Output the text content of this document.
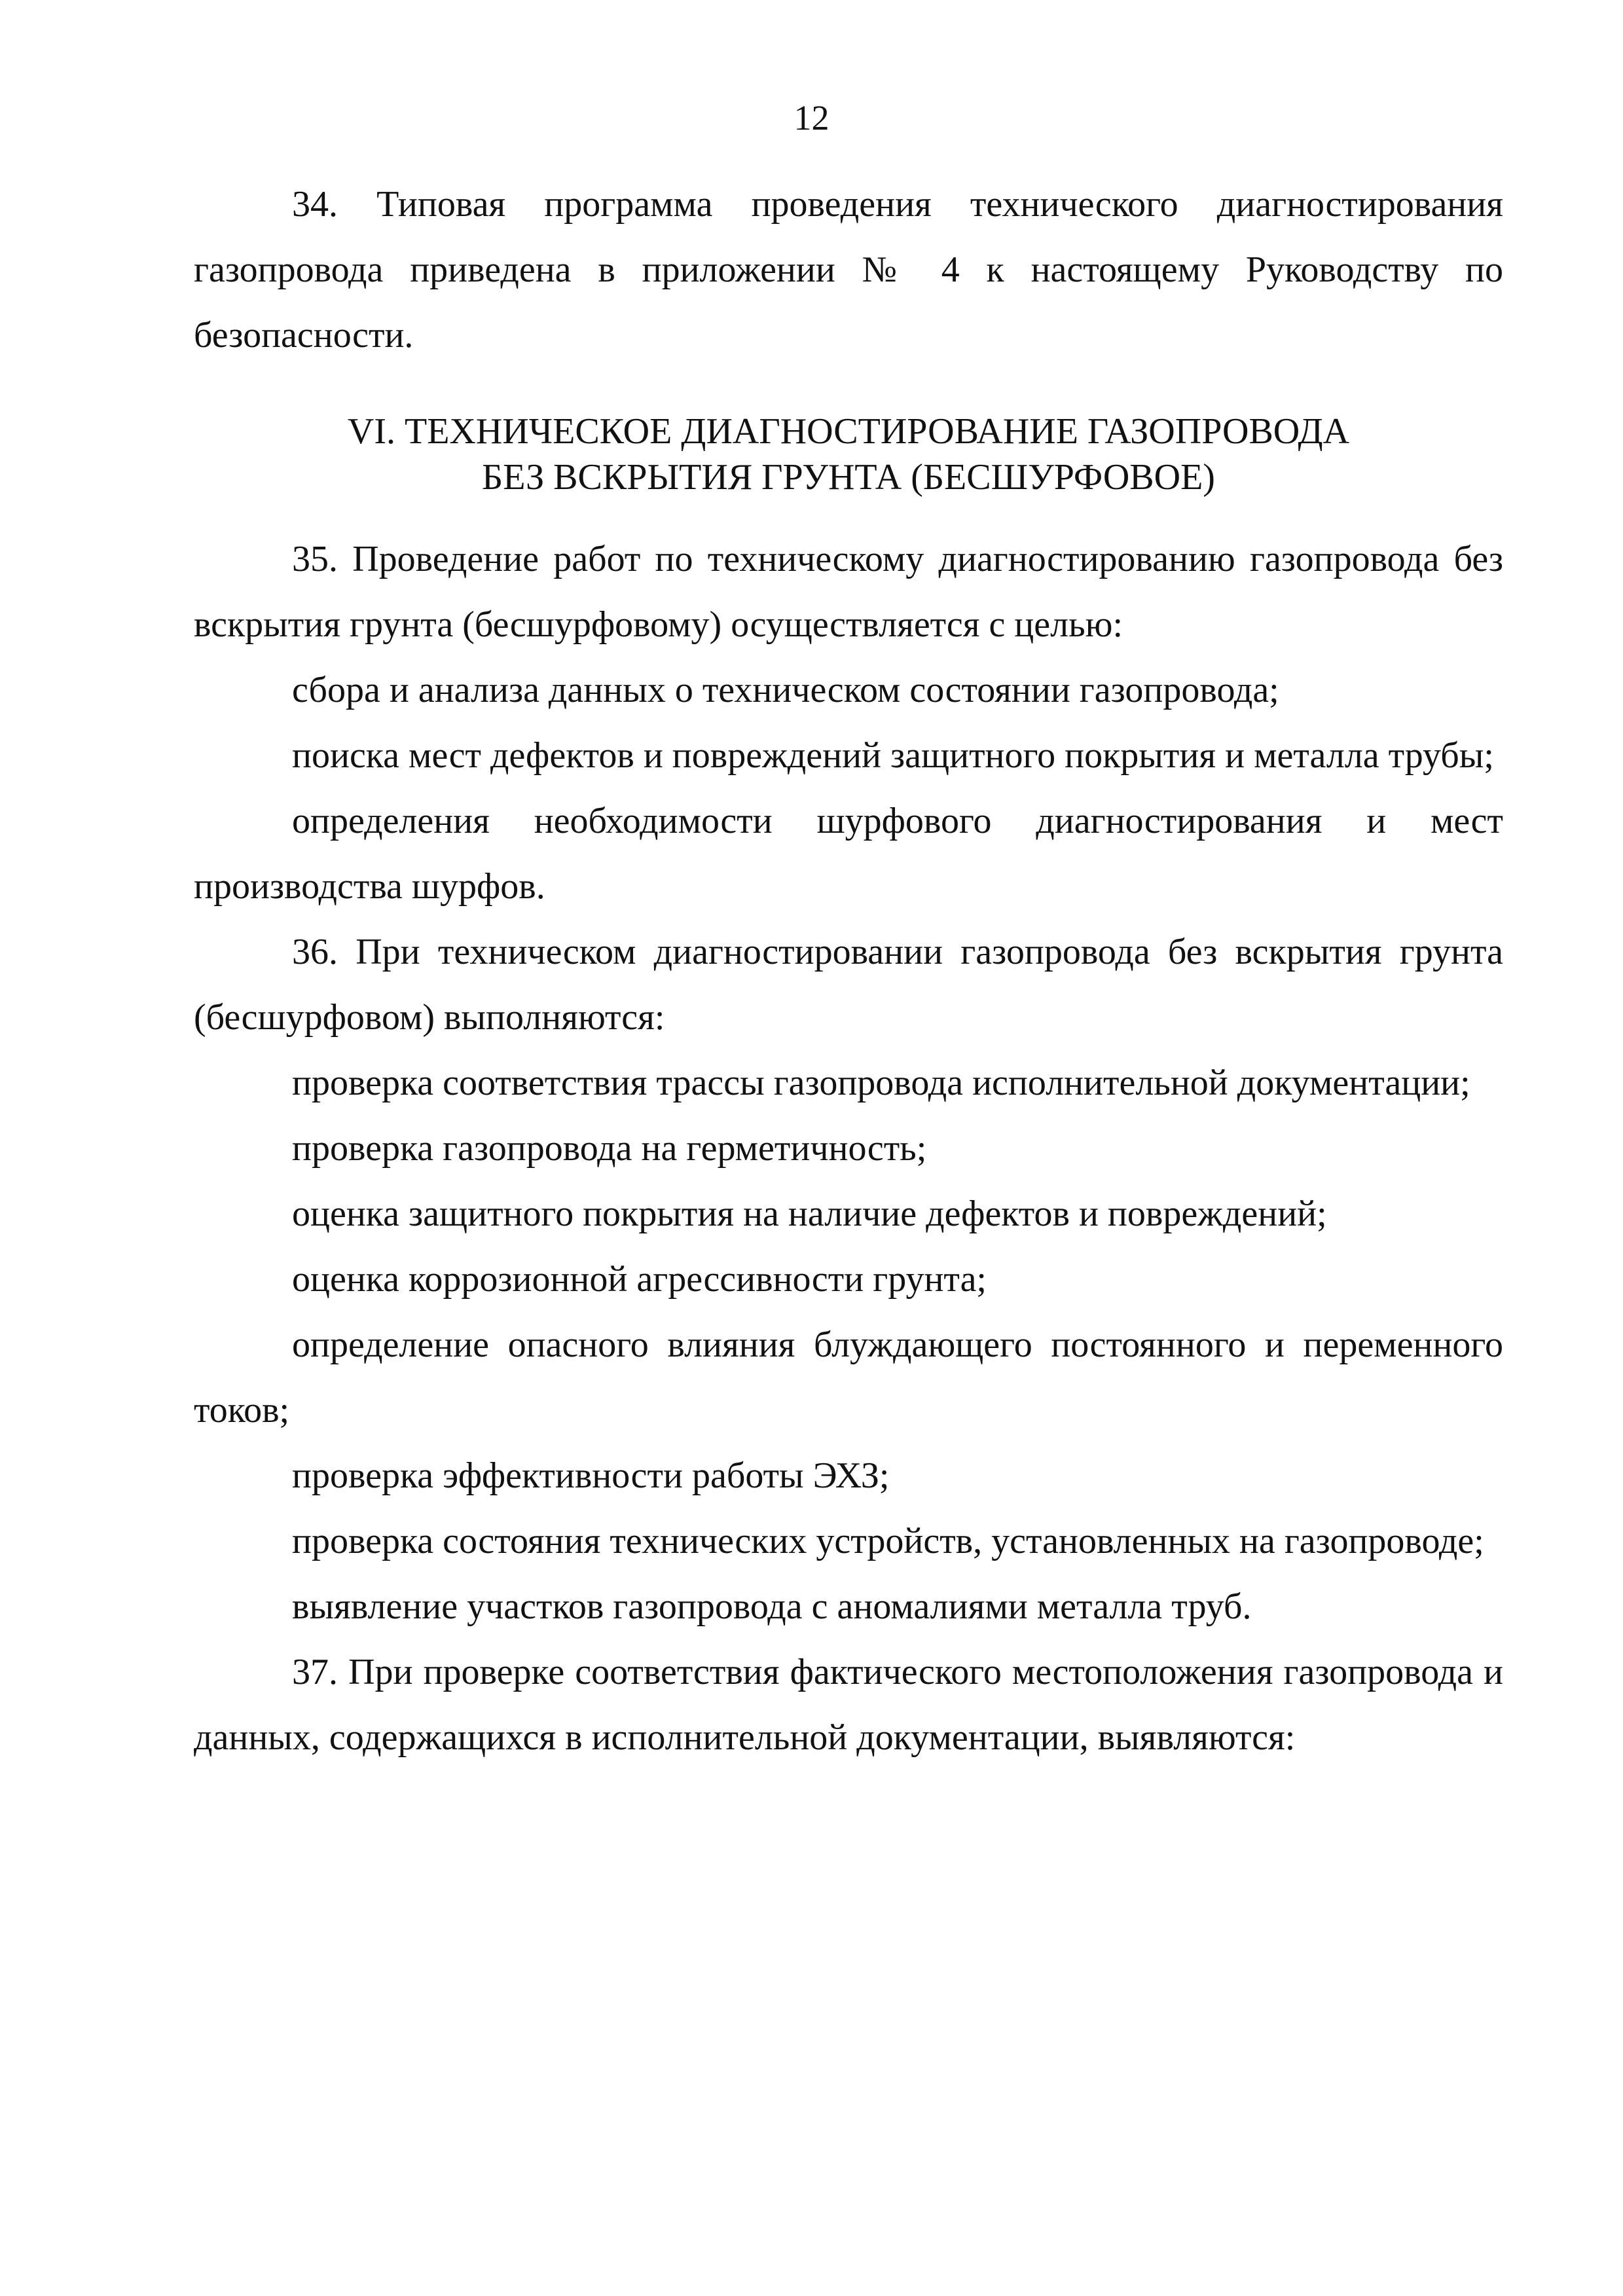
12

34. Типовая программа проведения технического диагностирования газопровода приведена в приложении № 4 к настоящему Руководству по безопасности.

VI. ТЕХНИЧЕСКОЕ ДИАГНОСТИРОВАНИЕ ГАЗОПРОВОДА
БЕЗ ВСКРЫТИЯ ГРУНТА (БЕСШУРФОВОЕ)

35. Проведение работ по техническому диагностированию газопровода без вскрытия грунта (бесшурфовому) осуществляется с целью:

сбора и анализа данных о техническом состоянии газопровода;

поиска мест дефектов и повреждений защитного покрытия и металла трубы;

определения необходимости шурфового диагностирования и мест производства шурфов.

36. При техническом диагностировании газопровода без вскрытия грунта (бесшурфовом) выполняются:

проверка соответствия трассы газопровода исполнительной документации;

проверка газопровода на герметичность;

оценка защитного покрытия на наличие дефектов и повреждений;

оценка коррозионной агрессивности грунта;

определение опасного влияния блуждающего постоянного и переменного токов;

проверка эффективности работы ЭХЗ;

проверка состояния технических устройств, установленных на газопроводе;

выявление участков газопровода с аномалиями металла труб.

37. При проверке соответствия фактического местоположения газопровода и данных, содержащихся в исполнительной документации, выявляются:
